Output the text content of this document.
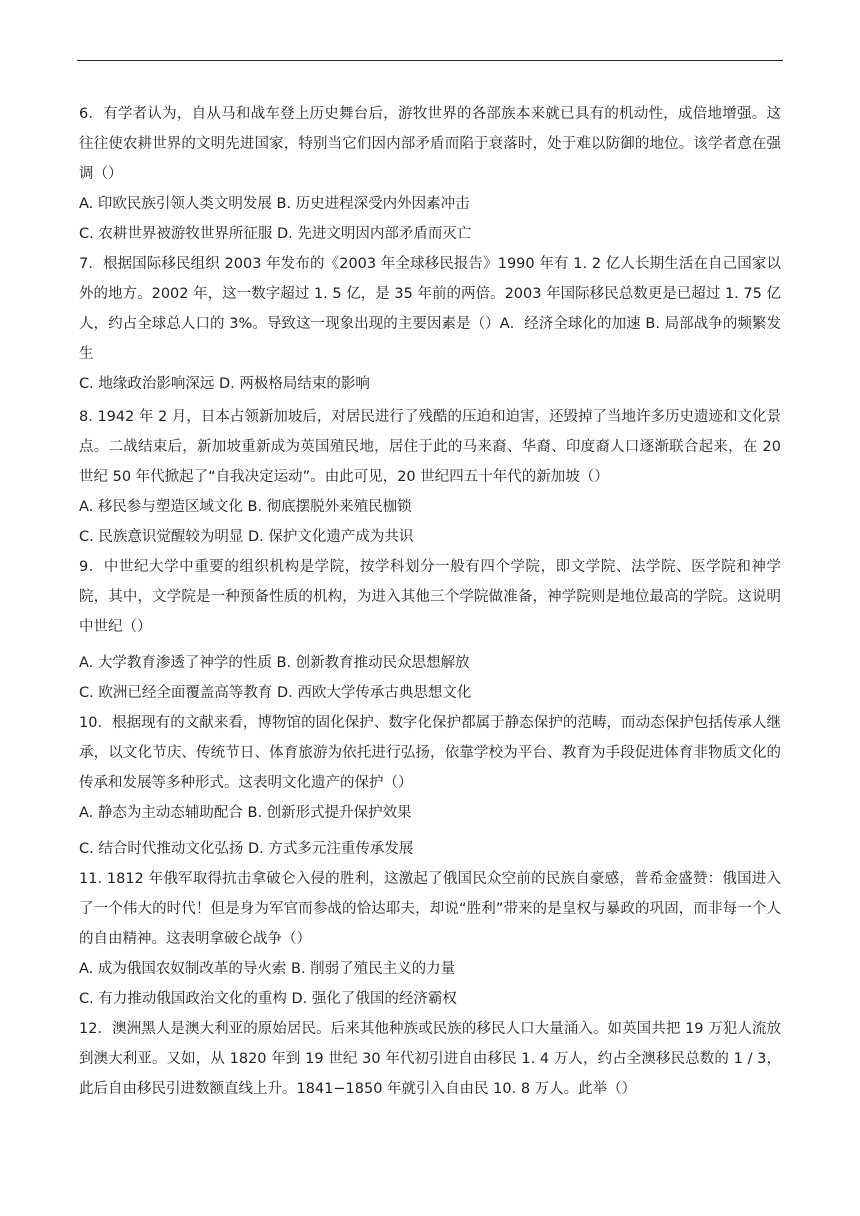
6．有学者认为，自从马和战车登上历史舞台后，游牧世界的各部族本来就已具有的机动性，成倍地增强。这往往使农耕世界的文明先进国家，特别当它们因内部矛盾而陷于衰落时，处于难以防御的地位。该学者意在强调（）

A. 印欧民族引领人类文明发展 B. 历史进程深受内外因素冲击

C. 农耕世界被游牧世界所征服 D. 先进文明因内部矛盾而灭亡

7．根据国际移民组织 2003 年发布的《2003 年全球移民报告》1990 年有 1. 2 亿人长期生活在自己国家以外的地方。2002 年，这一数字超过 1. 5 亿，是 35 年前的两倍。2003 年国际移民总数更是已超过 1. 75 亿人，约占全球总人口的 3%。导致这一现象出现的主要因素是（）A．经济全球化的加速 B. 局部战争的频繁发生

C. 地缘政治影响深远 D. 两极格局结束的影响

8. 1942 年 2 月，日本占领新加坡后，对居民进行了残酷的压迫和迫害，还毁掉了当地许多历史遗迹和文化景点。二战结束后，新加坡重新成为英国殖民地，居住于此的马来裔、华裔、印度裔人口逐渐联合起来，在 20 世纪 50 年代掀起了“自我决定运动”。由此可见，20 世纪四五十年代的新加坡（）

A. 移民参与塑造区域文化 B. 彻底摆脱外来殖民枷锁

C. 民族意识觉醒较为明显 D. 保护文化遗产成为共识

9．中世纪大学中重要的组织机构是学院，按学科划分一般有四个学院，即文学院、法学院、医学院和神学院，其中，文学院是一种预备性质的机构，为进入其他三个学院做准备，神学院则是地位最高的学院。这说明中世纪（）

A. 大学教育渗透了神学的性质 B. 创新教育推动民众思想解放

C. 欧洲已经全面覆盖高等教育 D. 西欧大学传承古典思想文化

10．根据现有的文献来看，博物馆的固化保护、数字化保护都属于静态保护的范畴，而动态保护包括传承人继承，以文化节庆、传统节日、体育旅游为依托进行弘扬，依靠学校为平台、教育为手段促进体育非物质文化的传承和发展等多种形式。这表明文化遗产的保护（）

A. 静态为主动态辅助配合 B. 创新形式提升保护效果

C. 结合时代推动文化弘扬 D. 方式多元注重传承发展

11. 1812 年俄军取得抗击拿破仑入侵的胜利，这激起了俄国民众空前的民族自豪感，普希金盛赞：俄国进入了一个伟大的时代！但是身为军官而参战的恰达耶夫，却说“胜利”带来的是皇权与暴政的巩固，而非每一个人的自由精神。这表明拿破仑战争（）

A. 成为俄国农奴制改革的导火索 B. 削弱了殖民主义的力量

C. 有力推动俄国政治文化的重构 D. 强化了俄国的经济霸权

12．澳洲黑人是澳大利亚的原始居民。后来其他种族或民族的移民人口大量涌入。如英国共把 19 万犯人流放到澳大利亚。又如，从 1820 年到 19 世纪 30 年代初引进自由移民 1. 4 万人，约占全澳移民总数的 1 / 3，此后自由移民引进数额直线上升。1841−1850 年就引入自由民 10. 8 万人。此举（）
